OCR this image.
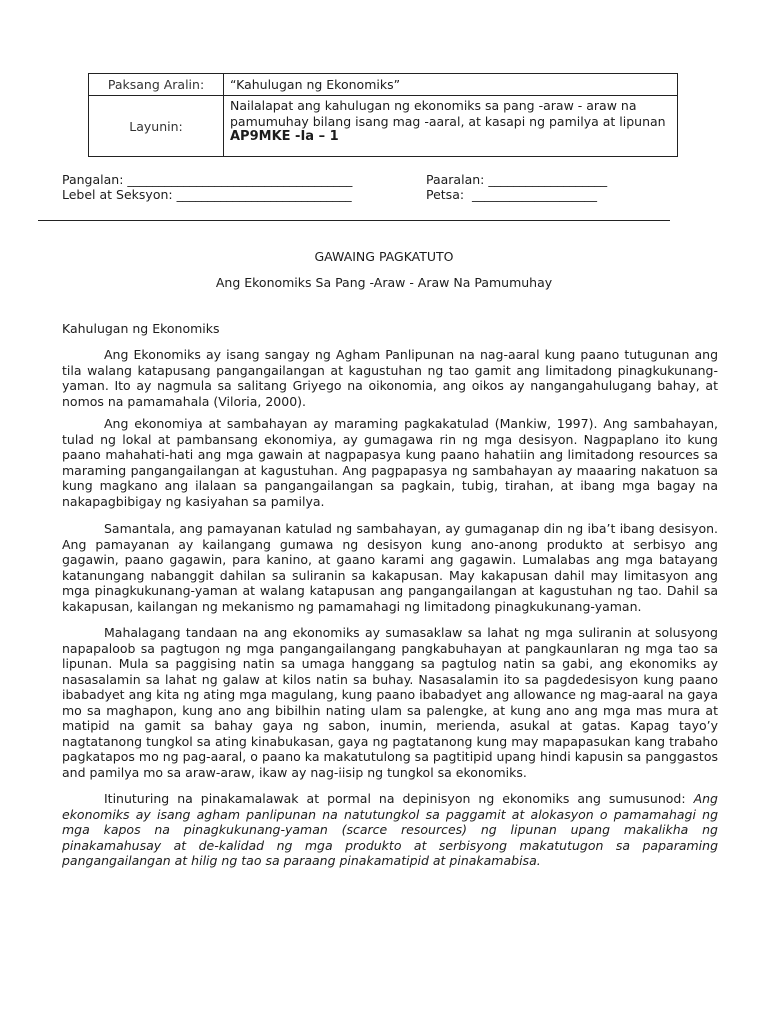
Paksang Aralin:	“Kahulugan ng Ekonomiks”
Layunin:	Nailalapat ang kahulugan ng ekonomiks sa pang -araw - araw na
pamumuhay bilang isang mag -aaral, at kasapi ng pamilya at lipunan
AP9MKE -Ia – 1
Pangalan: ____________________________________
Lebel at Seksyon: ____________________________
Paaralan: ___________________
Petsa:  ____________________
GAWAING PAGKATUTO
Ang Ekonomiks Sa Pang -Araw - Araw Na Pamumuhay
Kahulugan ng Ekonomiks

Ang Ekonomiks ay isang sangay ng Agham Panlipunan na nag-aaral kung paano tutugunan ang tila walang katapusang pangangailangan at kagustuhan ng tao gamit ang limitadong pinagkukunang-yaman. Ito ay nagmula sa salitang Griyego na oikonomia, ang oikos ay nangangahulugang bahay, at nomos na pamamahala (Viloria, 2000).

Ang ekonomiya at sambahayan ay maraming pagkakatulad (Mankiw, 1997). Ang sambahayan, tulad ng lokal at pambansang ekonomiya, ay gumagawa rin ng mga desisyon. Nagpaplano ito kung paano mahahati-hati ang mga gawain at nagpapasya kung paano hahatiin ang limitadong resources sa maraming pangangailangan at kagustuhan. Ang pagpapasya ng sambahayan ay maaaring nakatuon sa kung magkano ang ilalaan sa pangangailangan sa pagkain, tubig, tirahan, at ibang mga bagay na nakapagbibigay ng kasiyahan sa pamilya.

Samantala, ang pamayanan katulad ng sambahayan, ay gumaganap din ng iba’t ibang desisyon. Ang pamayanan ay kailangang gumawa ng desisyon kung ano-anong produkto at serbisyo ang gagawin, paano gagawin, para kanino, at gaano karami ang gagawin. Lumalabas ang mga batayang katanungang nabanggit dahilan sa suliranin sa kakapusan. May kakapusan dahil may limitasyon ang mga pinagkukunang-yaman at walang katapusan ang pangangailangan at kagustuhan ng tao. Dahil sa kakapusan, kailangan ng mekanismo ng pamamahagi ng limitadong pinagkukunang-yaman.

Mahalagang tandaan na ang ekonomiks ay sumasaklaw sa lahat ng mga suliranin at solusyong napapaloob sa pagtugon ng mga pangangailangang pangkabuhayan at pangkaunlaran ng mga tao sa lipunan. Mula sa paggising natin sa umaga hanggang sa pagtulog natin sa gabi, ang ekonomiks ay nasasalamin sa lahat ng galaw at kilos natin sa buhay. Nasasalamin ito sa pagdedesisyon kung paano ibabadyet ang kita ng ating mga magulang, kung paano ibabadyet ang allowance ng mag-aaral na gaya mo sa maghapon, kung ano ang bibilhin nating ulam sa palengke, at kung ano ang mga mas mura at matipid na gamit sa bahay gaya ng sabon, inumin, merienda, asukal at gatas. Kapag tayo’y nagtatanong tungkol sa ating kinabukasan, gaya ng pagtatanong kung may mapapasukan kang trabaho pagkatapos mo ng pag-aaral, o paano ka makatutulong sa pagtitipid upang hindi kapusin sa panggastos and pamilya mo sa araw-araw, ikaw ay nag-iisip ng tungkol sa ekonomiks.

Itinuturing na pinakamalawak at pormal na depinisyon ng ekonomiks ang sumusunod: Ang ekonomiks ay isang agham panlipunan na natutungkol sa paggamit at alokasyon o pamamahagi ng mga kapos na pinagkukunang-yaman (scarce resources) ng lipunan upang makalikha ng pinakamahusay at de-kalidad ng mga produkto at serbisyong makatutugon sa paparaming pangangailangan at hilig ng tao sa paraang pinakamatipid at pinakamabisa.
